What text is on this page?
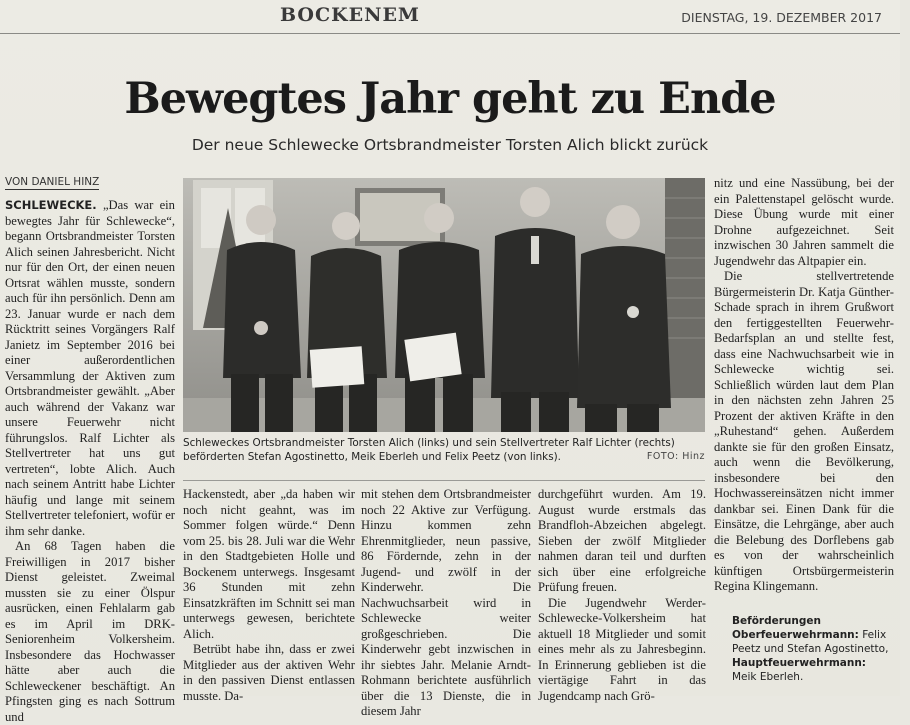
BOCKENEM	DIENSTAG, 19. DEZEMBER 2017
Bewegtes Jahr geht zu Ende
Der neue Schlewecke Ortsbrandmeister Torsten Alich blickt zurück
VON DANIEL HINZ

SCHLEWECKE. „Das war ein bewegtes Jahr für Schlewecke“, begann Ortsbrandmeister Torsten Alich seinen Jahresbericht. Nicht nur für den Ort, der einen neuen Ortsrat wählen musste, sondern auch für ihn persönlich. Denn am 23. Januar wurde er nach dem Rücktritt seines Vorgängers Ralf Janietz im September 2016 bei einer außerordentlichen Versammlung der Aktiven zum Ortsbrandmeister gewählt. „Aber auch während der Vakanz war unsere Feuerwehr nicht führungslos. Ralf Lichter als Stellvertreter hat uns gut vertreten“, lobte Alich. Auch nach seinem Antritt habe Lichter häufig und lange mit seinem Stellvertreter telefoniert, wofür er ihm sehr danke.

An 68 Tagen haben die Freiwilligen in 2017 bisher Dienst geleistet. Zweimal mussten sie zu einer Ölspur ausrücken, einen Fehlalarm gab es im April im DRK-Seniorenheim Volkersheim. Insbesondere das Hochwasser hätte aber auch die Schleweckener beschäftigt. An Pfingsten ging es nach Sottrum und

Schleweckes Ortsbrandmeister Torsten Alich (links) und sein Stellvertreter Ralf Lichter (rechts) beförderten Stefan Agostinetto, Meik Eberleh und Felix Peetz (von links).	FOTO: Hinz

Hackenstedt, aber „da haben wir noch nicht geahnt, was im Sommer folgen würde.“ Denn vom 25. bis 28. Juli war die Wehr in den Stadtgebieten Holle und Bockenem unterwegs. Insgesamt 36 Stunden mit zehn Einsatzkräften im Schnitt sei man unterwegs gewesen, berichtete Alich.

Betrübt habe ihn, dass er zwei Mitglieder aus der aktiven Wehr in den passiven Dienst entlassen musste. Da-

mit stehen dem Ortsbrandmeister noch 22 Aktive zur Verfügung. Hinzu kommen zehn Ehrenmitglieder, neun passive, 86 Fördernde, zehn in der Jugend- und zwölf in der Kinderwehr. Die Nachwuchsarbeit wird in Schlewecke weiter großgeschrieben. Die Kinderwehr gebt inzwischen in ihr siebtes Jahr. Melanie Arndt-Rohmann berichtete ausführlich über die 13 Dienste, die in diesem Jahr

durchgeführt wurden. Am 19. August wurde erstmals das Brandfloh-Abzeichen abgelegt. Sieben der zwölf Mitglieder nahmen daran teil und durften sich über eine erfolgreiche Prüfung freuen.

Die Jugendwehr Werder-Schlewecke-Volkersheim hat aktuell 18 Mitglieder und somit eines mehr als zu Jahresbeginn. In Erinnerung geblieben ist die viertägige Fahrt in das Jugendcamp nach Grö-

nitz und eine Nassübung, bei der ein Palettenstapel gelöscht wurde. Diese Übung wurde mit einer Drohne aufgezeichnet. Seit inzwischen 30 Jahren sammelt die Jugendwehr das Altpapier ein.

Die stellvertretende Bürgermeisterin Dr. Katja Günther-Schade sprach in ihrem Grußwort den fertiggestellten Feuerwehr-Bedarfsplan an und stellte fest, dass eine Nachwuchsarbeit wie in Schlewecke wichtig sei. Schließlich würden laut dem Plan in den nächsten zehn Jahren 25 Prozent der aktiven Kräfte in den „Ruhestand“ gehen. Außerdem dankte sie für den großen Einsatz, auch wenn die Bevölkerung, insbesondere bei den Hochwassereinsätzen nicht immer dankbar sei. Einen Dank für die Einsätze, die Lehrgänge, aber auch die Belebung des Dorflebens gab es von der wahrscheinlich künftigen Ortsbürgermeisterin Regina Klingemann.

Beförderungen
Oberfeuerwehrmann: Felix Peetz und Stefan Agostinetto,
Hauptfeuerwehrmann: Meik Eberleh.
